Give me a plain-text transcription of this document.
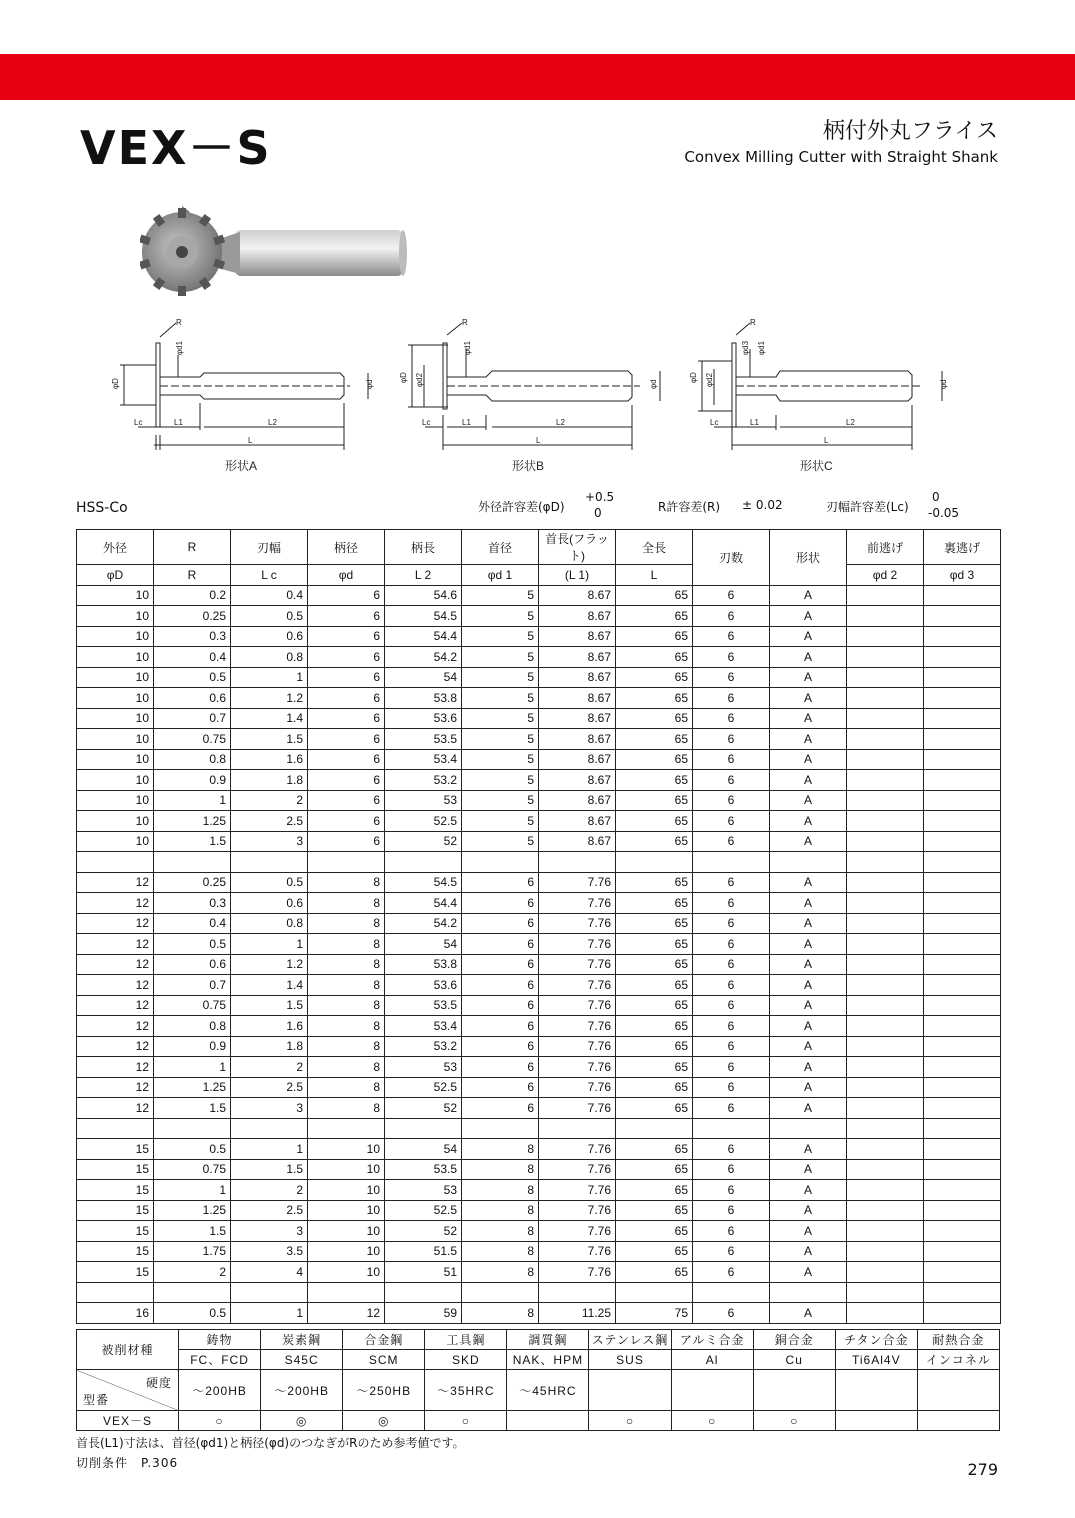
VEX－S	柄付外丸フライス
Convex Milling Cutter with Straight Shank
φD
φd1
φd
R
Lc	L1	L2
L
φD φd2
φd1
φd
R
Lc	L1	L2
L
φD φd2
φd3 φd1
φd
R
Lc	L1	L2
L
形状A	形状B	形状C
HSS-Co	外径許容差(φD)
+0.5
0	R許容差(R) ± 0.02	刃幅許容差(Lc)
0
-0.05
外径	R	刃幅	柄径	柄長	首径	首長(フラット)	全長	刃数	形状	前逃げ	裏逃げ
φD	R	L c	φd	L 2	φd 1	(L 1)	L			φd 2	φd 3
10	0.2	0.4	6	54.6	5	8.67	65	6	A		
10	0.25	0.5	6	54.5	5	8.67	65	6	A		
10	0.3	0.6	6	54.4	5	8.67	65	6	A		
10	0.4	0.8	6	54.2	5	8.67	65	6	A		
10	0.5	1	6	54	5	8.67	65	6	A		
10	0.6	1.2	6	53.8	5	8.67	65	6	A		
10	0.7	1.4	6	53.6	5	8.67	65	6	A		
10	0.75	1.5	6	53.5	5	8.67	65	6	A		
10	0.8	1.6	6	53.4	5	8.67	65	6	A		
10	0.9	1.8	6	53.2	5	8.67	65	6	A		
10	1	2	6	53	5	8.67	65	6	A		
10	1.25	2.5	6	52.5	5	8.67	65	6	A		
10	1.5	3	6	52	5	8.67	65	6	A		

12	0.25	0.5	8	54.5	6	7.76	65	6	A		
12	0.3	0.6	8	54.4	6	7.76	65	6	A		
12	0.4	0.8	8	54.2	6	7.76	65	6	A		
12	0.5	1	8	54	6	7.76	65	6	A		
12	0.6	1.2	8	53.8	6	7.76	65	6	A		
12	0.7	1.4	8	53.6	6	7.76	65	6	A		
12	0.75	1.5	8	53.5	6	7.76	65	6	A		
12	0.8	1.6	8	53.4	6	7.76	65	6	A		
12	0.9	1.8	8	53.2	6	7.76	65	6	A		
12	1	2	8	53	6	7.76	65	6	A		
12	1.25	2.5	8	52.5	6	7.76	65	6	A		
12	1.5	3	8	52	6	7.76	65	6	A		

15	0.5	1	10	54	8	7.76	65	6	A		
15	0.75	1.5	10	53.5	8	7.76	65	6	A		
15	1	2	10	53	8	7.76	65	6	A		
15	1.25	2.5	10	52.5	8	7.76	65	6	A		
15	1.5	3	10	52	8	7.76	65	6	A		
15	1.75	3.5	10	51.5	8	7.76	65	6	A		
15	2	4	10	51	8	7.76	65	6	A		

16	0.5	1	12	59	8	11.25	75	6	A		
被削材種	鋳物	炭素鋼	合金鋼	工具鋼	調質鋼	ステンレス鋼	アルミ合金	銅合金	チタン合金	耐熱合金
	FC、FCD	S45C	SCM	SKD	NAK、HPM	SUS	Al	Cu	Ti6Al4V	インコネル

硬度
型番	～200HB	～200HB	～250HB	～35HRC	～45HRC					
VEX－S	○	◎	◎	○		○	○	○		
首長(L1)寸法は、首径(φd1)と柄径(φd)のつなぎがRのため参考値です。
切削条件　P.306	279
